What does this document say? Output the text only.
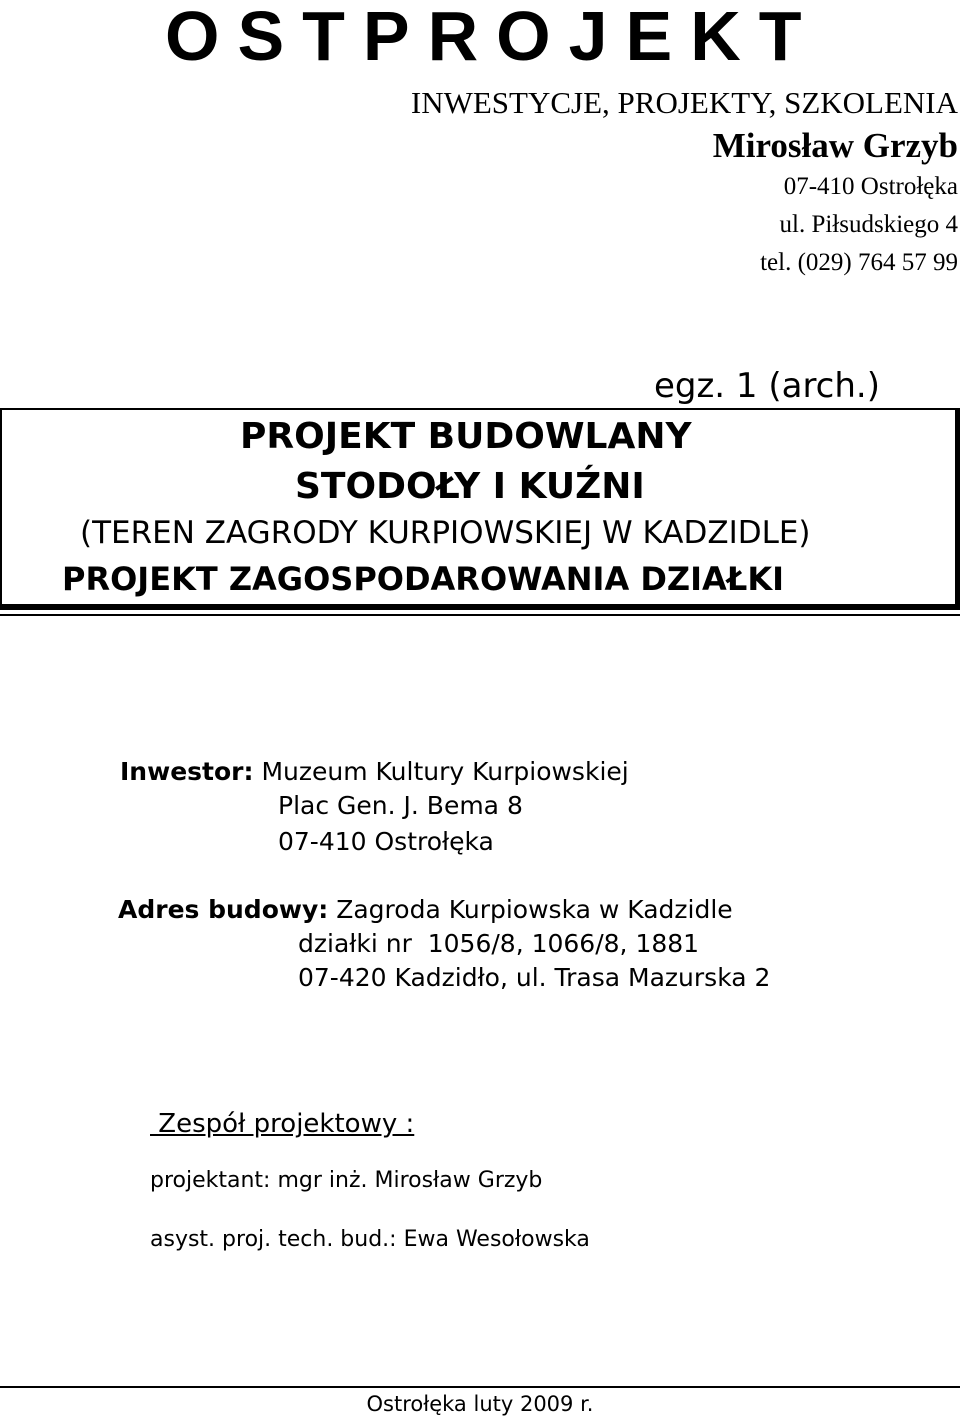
OSTPROJEKT
INWESTYCJE, PROJEKTY, SZKOLENIA
Mirosław Grzyb
07-410 Ostrołęka
ul. Piłsudskiego 4
tel. (029) 764 57 99
egz. 1 (arch.)
PROJEKT BUDOWLANY
STODOŁY I KUŹNI
(TEREN ZAGRODY KURPIOWSKIEJ W KADZIDLE)
PROJEKT ZAGOSPODAROWANIA DZIAŁKI
Inwestor: Muzeum Kultury Kurpiowskiej
Plac Gen. J. Bema 8
07-410 Ostrołęka
Adres budowy: Zagroda Kurpiowska w Kadzidle
działki nr  1056/8, 1066/8, 1881
07-420 Kadzidło, ul. Trasa Mazurska 2
Zespół projektowy :
projektant: mgr inż. Mirosław Grzyb
asyst. proj. tech. bud.: Ewa Wesołowska
Ostrołęka luty 2009 r.
